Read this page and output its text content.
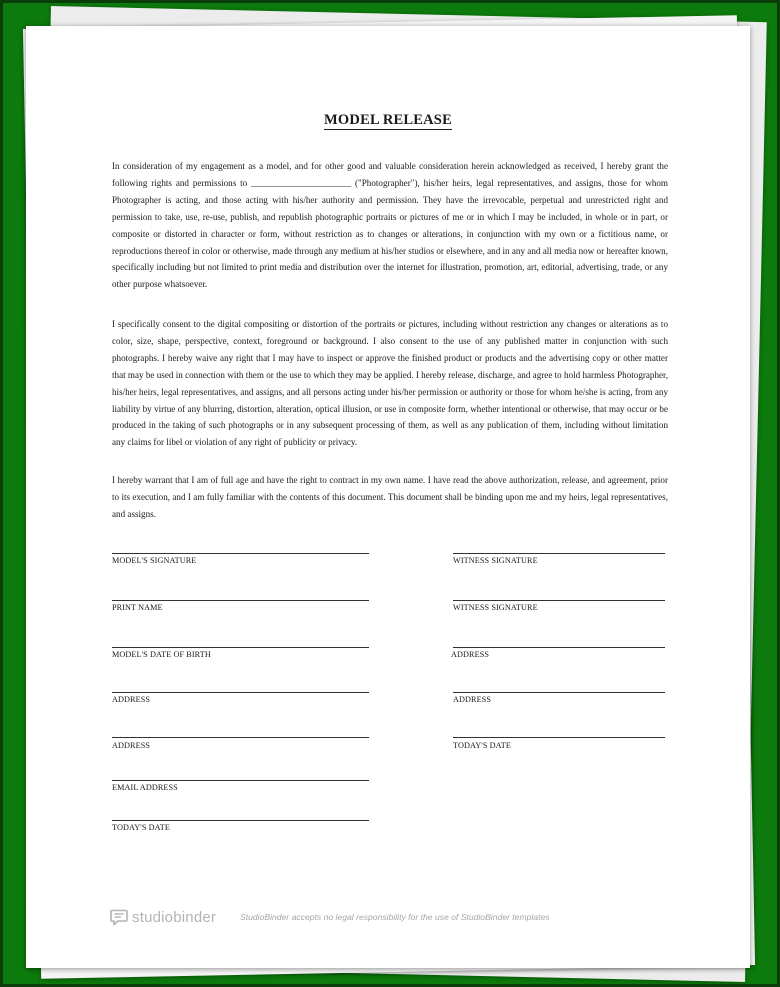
MODEL RELEASE

In consideration of my engagement as a model, and for other good and valuable consideration herein acknowledged as received, I hereby grant the following rights and permissions to ______________________ ("Photographer"), his/her heirs, legal representatives, and assigns, those for whom Photographer is acting, and those acting with his/her authority and permission. They have the irrevocable, perpetual and unrestricted right and permission to take, use, re-use, publish, and republish photographic portraits or pictures of me or in which I may be included, in whole or in part, or composite or distorted in character or form, without restriction as to changes or alterations, in conjunction with my own or a fictitious name, or reproductions thereof in color or otherwise, made through any medium at his/her studios or elsewhere, and in any and all media now or hereafter known, specifically including but not limited to print media and distribution over the internet for illustration, promotion, art, editorial, advertising, trade, or any other purpose whatsoever.

I specifically consent to the digital compositing or distortion of the portraits or pictures, including without restriction any changes or alterations as to color, size, shape, perspective, context, foreground or background. I also consent to the use of any published matter in conjunction with such photographs. I hereby waive any right that I may have to inspect or approve the finished product or products and the advertising copy or other matter that may be used in connection with them or the use to which they may be applied. I hereby release, discharge, and agree to hold harmless Photographer, his/her heirs, legal representatives, and assigns, and all persons acting under his/her permission or authority or those for whom he/she is acting, from any liability by virtue of any blurring, distortion, alteration, optical illusion, or use in composite form, whether intentional or otherwise, that may occur or be produced in the taking of such photographs or in any subsequent processing of them, as well as any publication of them, including without limitation any claims for libel or violation of any right of publicity or privacy.

I hereby warrant that I am of full age and have the right to contract in my own name. I have read the above authorization, release, and agreement, prior to its execution, and I am fully familiar with the contents of this document. This document shall be binding upon me and my heirs, legal representatives, and assigns.

MODEL'S SIGNATURE
PRINT NAME
MODEL'S DATE OF BIRTH
ADDRESS
ADDRESS
EMAIL ADDRESS
TODAY'S DATE
WITNESS SIGNATURE
WITNESS SIGNATURE
ADDRESS
ADDRESS
TODAY'S DATE
studiobinder	StudioBinder accepts no legal responsibility for the use of StudioBinder templates
